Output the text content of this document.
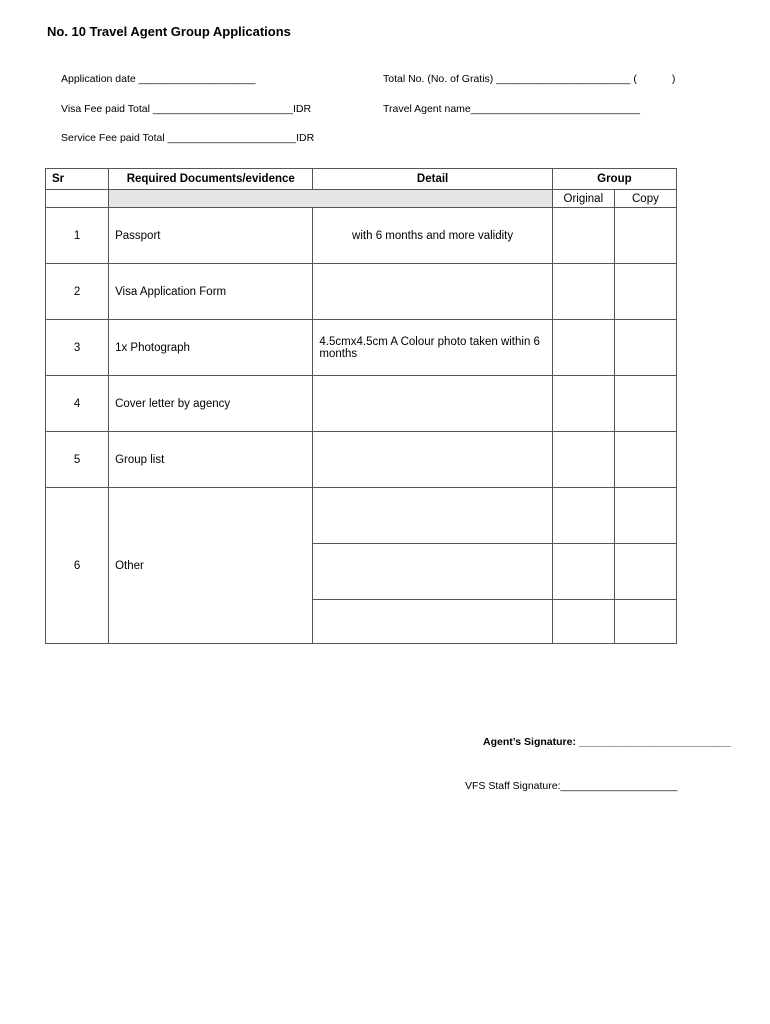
No. 10 Travel Agent Group Applications
Application date ____________________	Total No. (No. of Gratis) _______________________ (            )
Visa Fee paid Total ________________________IDR	Travel Agent name_____________________________
Service Fee paid Total ______________________IDR
Sr	Required Documents/evidence	Detail	Group	
			Original	Copy
1	Passport	with 6 months and more validity		
2	Visa Application Form			
3	1x Photograph	4.5cmx4.5cm A Colour photo taken within 6 months		
4	Cover letter by agency			
5	Group list			
6	Other			

Agent’s Signature: __________________________
VFS Staff Signature:____________________
